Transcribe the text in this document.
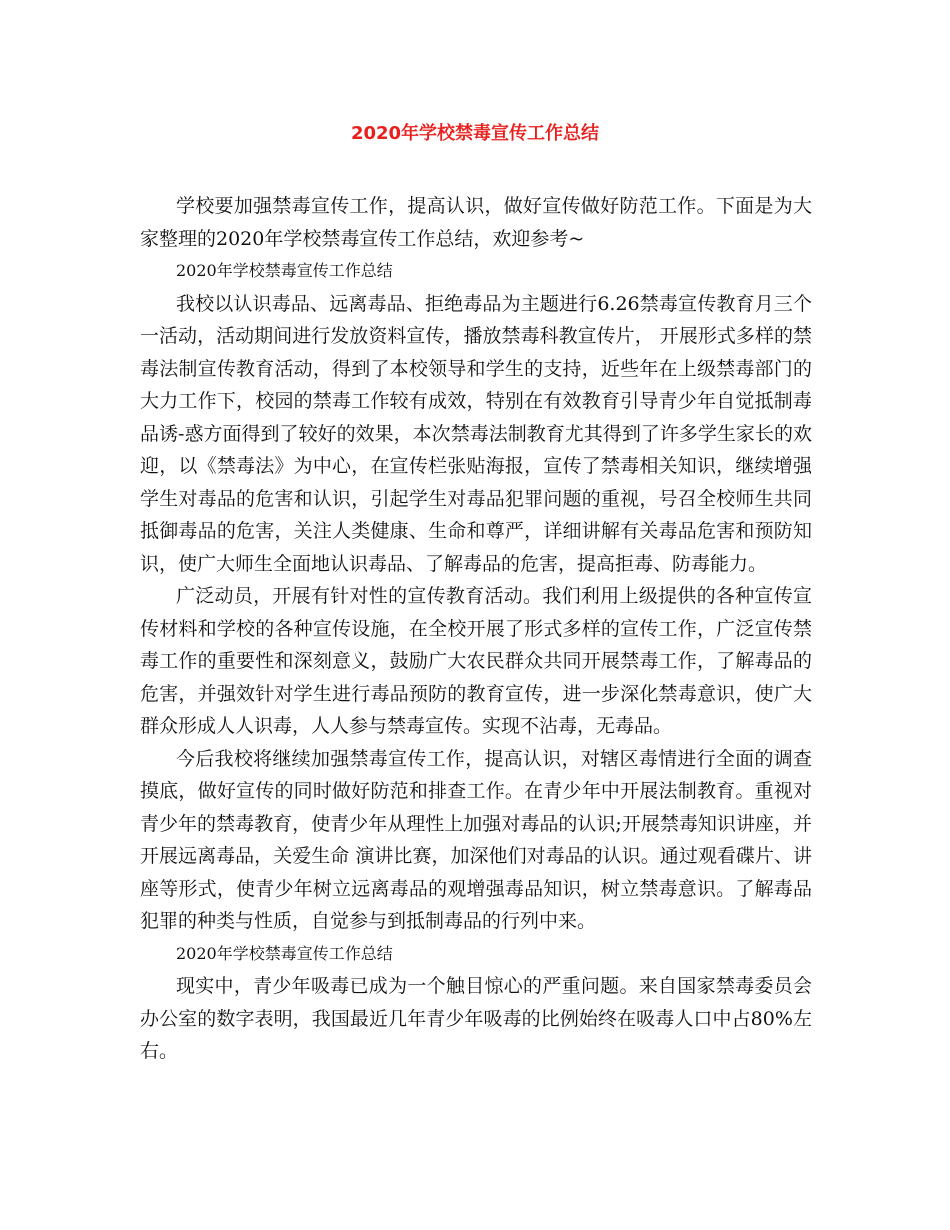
2020年学校禁毒宣传工作总结

学校要加强禁毒宣传工作，提高认识，做好宣传做好防范工作。下面是为大家整理的2020年学校禁毒宣传工作总结，欢迎参考~

2020年学校禁毒宣传工作总结

我校以认识毒品、远离毒品、拒绝毒品为主题进行6.26禁毒宣传教育月三个一活动，活动期间进行发放资料宣传，播放禁毒科教宣传片， 开展形式多样的禁毒法制宣传教育活动，得到了本校领导和学生的支持，近些年在上级禁毒部门的大力工作下，校园的禁毒工作较有成效，特别在有效教育引导青少年自觉抵制毒品诱-惑方面得到了较好的效果，本次禁毒法制教育尤其得到了许多学生家长的欢迎，以《禁毒法》为中心，在宣传栏张贴海报，宣传了禁毒相关知识，继续增强学生对毒品的危害和认识，引起学生对毒品犯罪问题的重视，号召全校师生共同抵御毒品的危害，关注人类健康、生命和尊严，详细讲解有关毒品危害和预防知识，使广大师生全面地认识毒品、了解毒品的危害，提高拒毒、防毒能力。

广泛动员，开展有针对性的宣传教育活动。我们利用上级提供的各种宣传宣传材料和学校的各种宣传设施，在全校开展了形式多样的宣传工作，广泛宣传禁毒工作的重要性和深刻意义，鼓励广大农民群众共同开展禁毒工作，了解毒品的危害，并强效针对学生进行毒品预防的教育宣传，进一步深化禁毒意识，使广大群众形成人人识毒，人人参与禁毒宣传。实现不沾毒，无毒品。

今后我校将继续加强禁毒宣传工作，提高认识，对辖区毒情进行全面的调查摸底，做好宣传的同时做好防范和排查工作。在青少年中开展法制教育。重视对青少年的禁毒教育，使青少年从理性上加强对毒品的认识;开展禁毒知识讲座，并开展远离毒品，关爱生命 演讲比赛，加深他们对毒品的认识。通过观看碟片、讲座等形式，使青少年树立远离毒品的观增强毒品知识，树立禁毒意识。了解毒品犯罪的种类与性质，自觉参与到抵制毒品的行列中来。

2020年学校禁毒宣传工作总结

现实中，青少年吸毒已成为一个触目惊心的严重问题。来自国家禁毒委员会办公室的数字表明，我国最近几年青少年吸毒的比例始终在吸毒人口中占80%左右。
